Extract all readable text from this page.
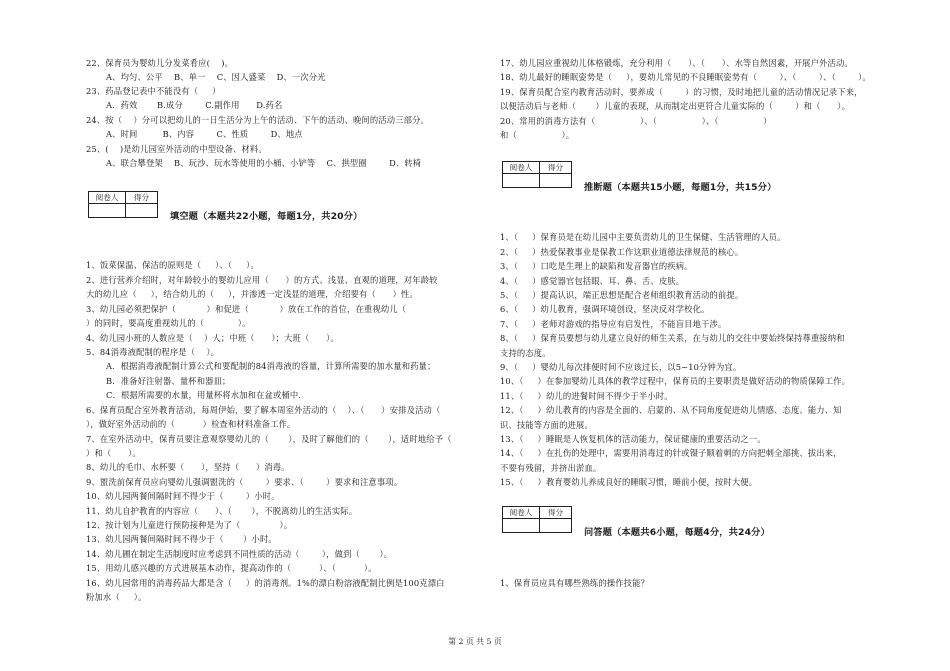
22、保育员为婴幼儿分发菜肴应(    )。
A、均匀、公平    B、单一    C、因人盛菜    D、一次分光
23、药品登记表中不能没有（     ）
A．药效       B.成分        C.副作用      D.药名
24、按（    ）分可以把幼儿的一日生活分为上午的活动、下午的活动、晚间的活动三部分。
A、时间         B、内容        C、性质        D、地点
25、(    )是幼儿园室外活动的中型设备、材料。
A、联合攀登架    B、玩沙、玩水等使用的小桶、小铲等    C、拱型圈        D、转椅
阅卷人	得分

填空题（本题共22小题，每题1分，共20分）
1、饭菜保温、保洁的原则是（     ）、（     ）。
2、进行营养介绍时，对年龄较小的婴幼儿应用（      ）的方式、浅显、直观的道理，对年龄较
大的幼儿应（     ），结合幼儿的（     ），并渗透一定浅显的道理，介绍要有（      ）性。
3、幼儿园必须把保护（           ）和促进（           ）放在工作的首位，在重视幼儿（
）的同时，要高度重视幼儿的（            ）。
4、幼儿园小班的人数应是（    ）人；中班（      ）；大班（      ）。
5、84消毒液配制的程序是（    ）。
A．根据消毒液配制计算公式和要配制的84消毒液的容量，计算所需要的加水量和药量；
B．准备好注射器、量杯和器皿；
C．根据所需要的水量，用量杯将水加和在盆或桶中.
6、保育员配合室外教育活动，每周伊始，要了解本周室外活动的（    ）、（      ）安排及活动（
），做好室外活动前的（          ）检查和材料准备工作。
7、在室外活动中，保育员要注意观察婴幼儿的（       ），及时了解他们的（       ），适时地给予（
）和（      ）。
8、幼儿的毛巾、水杯要（      ），坚持（      ）消毒。
9、盥洗前保育员应向婴幼儿强调盥洗的（        ）要求、（        ）要求和注意事项。
10、幼儿园两餐间隔时间不得少于（        ）小时。
11、幼儿自护教育的内容应（      ）、（       ），不脱离幼儿的生活实际。
12、按计划为儿童进行预防接种是为了（              ）。
13、幼儿园两餐间隔时间不得少于（       ）小时。
14、幼儿圃在制定生活制度时应考虑到不同性质的活动（        ），做到（       ）。
15、用幼儿感兴趣的方式进展基本动作，提高动作的（          ）、（          ）。
16、幼儿园常用的消毒药品大都是含（     ）的消毒剂。1%的漂白粉溶液配制比例是100克漂白
粉加水（     ）。
17、幼儿园应重视幼儿体格锻炼，充分利用（      ）、（      ）、水等自然因素，开展户外活动。
18、幼儿最好的睡眠姿势是（     ），要幼儿常见的不良睡眠姿势有（        ）、（        ）、（        ）。
19、保育员配合室内教育活动时，要养成（        ）的习惯，及时地把儿童的活动情况记录下来，
以便活动后与老师（       ）儿童的表现，从而制定出更符合儿童实际的（        ）和（      ）。
20、常用的消毒方法有（                ）、（                ）、（                ）
和（                ）。
阅卷人	得分

推断题（本题共15小题，每题1分，共15分）
1、（     ）保育员是在幼儿园中主要负责幼儿的卫生保健、生活管理的人员。
2、（     ）热爱保教事业是保教工作这职业道德法律规范的核心。
3、（     ）口吃是生理上的缺陷和发音器官的疾病。
4、（     ）感觉器官包括眼、耳、鼻、舌、皮肤。
5、（     ）提高认识，端正思想是配合老师组织教育活动的前提。
6、（     ）幼儿教育，强调环境创设，坚决反对学校化。
7、（     ）老师对游戏的指导应有启发性，不能盲目地干涉。
8、（     ）保育员要想与幼儿建立良好的师生关系，在与幼儿的交往中要始终保持尊重接纳和
支持的态度。
9、（     ）婴幼儿每次排便时间不应该过长，以5~10分钟为宜。
10、（     ）在参加婴幼儿具体的教学过程中，保育员的主要职责是做好活动的物质保障工作。
11、（     ）幼儿的进餐时间不得少于半小时。
12、（     ）幼儿教育的内容是全面的、启蒙的、从不同角度促进幼儿情感、态度、能力、知
识、技能等方面的进展。
13、（     ）睡眠是人恢复机体的活动能力，保证健康的重要活动之一。
14、（     ）在扎伤的处理中，需要用消毒过的针或镊子顺着刺的方向把刺全部挑、拔出来，
不要有残留，并挤出淤血。
15、（     ）教育婴幼儿养成良好的睡眠习惯，睡前小便，按时大便。
阅卷人	得分

问答题（本题共6小题，每题4分，共24分）
1、保育员应具有哪些熟练的操作技能？
第 2 页 共 5 页
